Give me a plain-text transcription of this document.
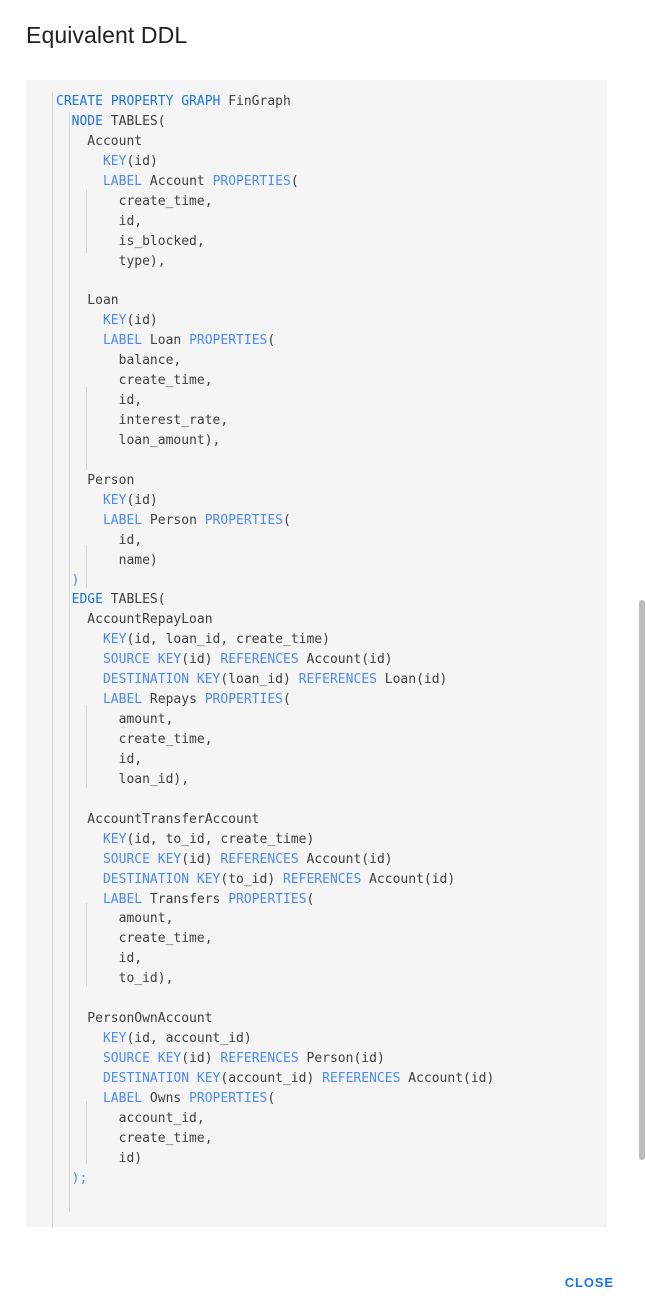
Equivalent DDL
CREATE PROPERTY GRAPH FinGraph
NODE TABLES(
Account
KEY(id)
LABEL Account PROPERTIES(
create_time,
id,
is_blocked,
type),

Loan
KEY(id)
LABEL Loan PROPERTIES(
balance,
create_time,
id,
interest_rate,
loan_amount),

Person
KEY(id)
LABEL Person PROPERTIES(
id,
name)
)
EDGE TABLES(
AccountRepayLoan
KEY(id, loan_id, create_time)
SOURCE KEY(id) REFERENCES Account(id)
DESTINATION KEY(loan_id) REFERENCES Loan(id)
LABEL Repays PROPERTIES(
amount,
create_time,
id,
loan_id),

AccountTransferAccount
KEY(id, to_id, create_time)
SOURCE KEY(id) REFERENCES Account(id)
DESTINATION KEY(to_id) REFERENCES Account(id)
LABEL Transfers PROPERTIES(
amount,
create_time,
id,
to_id),

PersonOwnAccount
KEY(id, account_id)
SOURCE KEY(id) REFERENCES Person(id)
DESTINATION KEY(account_id) REFERENCES Account(id)
LABEL Owns PROPERTIES(
account_id,
create_time,
id)
);
CLOSE
